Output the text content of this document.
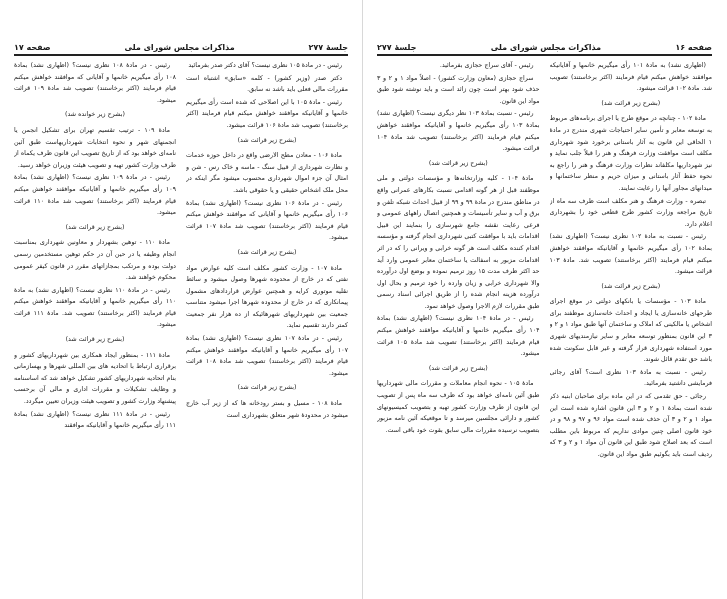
جلسهٔ ۲۷۷
مذاکرات مجلس شورای ملی
صفحه ۱۷

رئیس - در مادهٔ ۱۰۵ نظری نیست؟ آقای دکتر صدر بفرمائید

دکتر صدر (وزیر کشور) - کلمه «سابق» اشتباه است مقررات مالی فعلی باید باشد نه سابق.

رئیس - مادهٔ ۱۰۵ با این اصلاحی که شده است رأی میگیریم خانمها و آقایانیکه موافقند خواهش میکنم قیام فرمایند (اکثر برخاستند) تصویب شد مادهٔ ۱۰۶ قرائت میشود.

(بشرح زیر قرائت شد)

مادهٔ ۱۰۶ - معادن مطح الارضی واقع در داخل حوزه خدمات و نظارت شهرداری از قبیل سنگ - ماسه و خاک رس - شن و امثال آن جزء اموال شهرداری محسوب میشود مگر اینکه در محل ملک اشخاص حقیقی و یا حقوقی باشد.

رئیس - در مادهٔ ۱۰۶ نظری نیست؟ (اظهاری نشد) بمادهٔ ۱۰۶ رأی میگیریم خانمها و آقایانی که موافقند خواهش میکنم قیام فرمایند (اکثر برخاستند) تصویب شد مادهٔ ۱۰۷ قرائت میشود.

(بشرح زیر قرائت شد)

مادهٔ ۱۰۷ - وزارت کشور مکلف است کلیه عوارض مواد نفتی که در خارج از محدوده شهرها وصول میشود و سائط نقلیه موتوری کرایه و همچنین عوارض قراردادهای مشمول پیمانکاری که در خارج از محدوده شهرها اجرا میشود متناسب جمعیت بین شهرداریهای شهرهائیکه از ده هزار نفر جمعیت کمتر دارند تقسیم نماید.

رئیس - در مادهٔ ۱۰۷ نظری نیست؟ (اظهاری نشد) بمادهٔ ۱۰۷ رأی میگیریم خانمها و آقایانیکه موافقند خواهش میکنم قیام فرمایند (اکثر برخاستند) تصویب شد مادهٔ ۱۰۸ قرائت میشود.

(بشرح زیر قرائت شد)

مادهٔ ۱۰۸ - مسیل و بستر رودخانه ها که از زیر آب خارج میشود در محدودهٔ شهر متعلق بشهرداری است

رئیس - در مادهٔ ۱۰۸ نظری نیست؟ (اظهاری نشد) بمادهٔ ۱۰۸ رأی میگیریم خانمها و آقایانی که موافقند خواهش میکنم قیام فرمایند (اکثر برخاستند) تصویب شد مادهٔ ۱۰۹ قرائت میشود.

(بشرح زیر خوانده شد)

مادهٔ ۱۰۹ - ترتیب تقسیم تهران برای تشکیل انجمن یا انجمنهای شهر و نحوه انتخابات شهرداریهاست طبق آئین نامه‌ای خواهد بود که از تاریخ تصویب این قانون ظرف یکماه از طرف وزارت کشور تهیه و تصویب هیئت وزیران خواهد رسید.

رئیس - در مادهٔ ۱۰۹ نظری نیست؟ (اظهاری نشد) بمادهٔ ۱۰۹ رأی میگیریم خانمها و آقایانیکه موافقند خواهش میکنم قیام فرمایند (اکثر برخاستند) تصویب شد مادهٔ ۱۱۰ قرائت میشود.

(بشرح زیر قرائت شد)

مادهٔ ۱۱۰ - توهین بشهردار و معاونین شهرداری بمناسبت انجام وظیفه یا در حین آن در حکم توهین مستخدمین رسمی دولت بوده و مرتکب بمجازاتهای مقرر در قانون کیفر عمومی محکوم خواهند شد.

رئیس - در مادهٔ ۱۱۰ نظری نیست؟ (اظهاری نشد) به مادهٔ ۱۱۰ رأی میگیریم خانمها و آقایانیکه موافقند خواهش میکنم قیام فرمایند (اکثر برخاستند) تصویب شد. مادهٔ ۱۱۱ قرائت میشود.

(بشرح زیر قرائت شد)

مادهٔ ۱۱۱ - بمنظور ایجاد همکاری بین شهرداریهای کشور و برقراری ارتباط با اتحادیه های بین المللی شهرها و بهسازمانی بنام اتحادیه شهرداریهای کشور تشکیل خواهد شد که اساسنامه و وظایف تشکیلات و مقررات اداری و مالی آن برحسب پیشنهاد وزارت کشور و تصویب هیئت وزیران تعیین میگردد.

رئیس - در مادهٔ ۱۱۱ نظری نیست؟ (اظهاری نشد) بمادهٔ ۱۱۱ رأی میگیریم خانمها و آقایانیکه موافقند

صفحه ۱۶
مذاکرات مجلس شورای ملی
جلسهٔ ۲۷۷

(اظهاری نشد) به مادهٔ ۱۰۱ رأی میگیریم خانمها و آقایانیکه موافقند خواهش میکنم قیام فرمایند (اکثر برخاستند) تصویب شد. مادهٔ ۱۰۲ قرائت میشود.

(بشرح زیر قرائت شد)

مادهٔ ۱۰۲ - چنانچه در موقع طرح یا اجرای برنامه‌های مربوط به توسعه معابر و تأمین سایر احتیاجات شهری مندرج در مادهٔ ۱ الحاقی این قانون به آثار باستانی برخورد شود شهرداری مکلف است موافقت وزارت فرهنگ و هنر را قبلاً جلب نماید و نیز شهرداریها مکلفاند نظرات وزارت فرهنگ و هنر را راجع به نحوه حفظ آثار باستانی و میزان حریم و منظر ساختمانها و میدانهای مجاور آنها را رعایت نمایند.

تبصره - وزارت فرهنگ و هنر مکلف است ظرف سه ماه از تاریخ مراجعه وزارت کشور طرح قطعی خود را بشهرداری اعلام دارد.

رئیس - نسبت به مادهٔ ۱۰۲ نظری نیست؟ (اظهاری نشد) بمادهٔ ۱۰۲ رأی میگیریم خانمها و آقایانیکه موافقند خواهش میکنم قیام فرمایند (اکثر برخاستند) تصویب شد. مادهٔ ۱۰۳ قرائت میشود.

(بشرح زیر قرائت شد)

مادهٔ ۱۰۳ - مؤسسات یا بانکهای دولتی در موقع اجرای طرحهای خانه‌سازی یا ایجاد و احداث خانه‌سازی موظفند برای اشخاص یا مالکینی که املاک و ساختمان آنها طبق مواد ۱ و ۲ و ۳ این قانون بمنظور توسعه معابر و سایر نیازمندیهای شهری مورد استفاده شهرداری قرار گرفته و غیر قابل سکونت شده باشد حق تقدم قائل شوند.

رئیس - نسبت به مادهٔ ۱۰۳ نظری است؟ آقای رجائی فرمایشی داشتید بفرمائید.

رجائی - حق تقدمی که در این ماده برای صاحبان ابنیه ذکر شده است بمادهٔ ۱ و ۲ و ۳ این قانون اشاره شده است این مواد ۱ و ۲ و ۳ آن حذف شده است مواد ۹۶ و ۹۷ و ۹۸ و در خود قانون اصلی چنین موادی نداریم که مربوط باین مطلب است که بعد اصلاح شود طبق این قانون آن مواد ۱ و ۲ و ۳ که ردیف است باید بگوئیم طبق مواد این قانون.

رئیس - آقای سراج حجازی بفرمائید.

سراج حجازی (معاون وزارت کشور) - اصلاً مواد ۱ و ۲ و ۳ حذف شود بهتر است چون زائد است و باید نوشته شود طبق مواد این قانون.

رئیس - نسبت بمادهٔ ۱۰۳ نظر دیگری نیست؟ (اظهاری نشد) بمادهٔ ۱۰۳ رأی میگیریم خانمها و آقایانیکه موافقند خواهش میکنم قیام فرمایند (اکثر برخاستند) تصویب شد مادهٔ ۱۰۴ قرائت میشود.

(بشرح زیر قرائت شد)

مادهٔ ۱۰۴ - کلیه وزارتخانه‌ها و مؤسسات دولتی و ملی موظفند قبل از هر گونه اقدامی نسبت بکارهای عمرانی واقع در مناطق مندرج در مادهٔ ۹۹ و ۹۹ از قبیل احداث شبکه تلفن و برق و آب و سایر تأسیسات و همچنین اتصال راههای عمومی و فرعی رعایت نقشه جامع شهرسازی را بنمایند این قبیل اقدامات باید با موافقت کتبی شهرداری انجام گرفته و مؤسسه اقدام کننده مکلف است هر گونه خرابی و ویرانی را که در اثر اقدامات مزبور به اسفالت یا ساختمان معابر عمومی وارد آید حد اکثر ظرف مدت ۱۵ روز ترمیم نموده و بوضع اول درآورده والا شهرداری خرابی و زیان وارده را خود ترمیم و بحال اول درآورده هزینه انجام شده را از طریق اجرائی اسناد رسمی طبق مقررات لازم الاجرا وصول خواهد نمود.

رئیس - در مادهٔ ۱۰۴ نظری نیست؟ (اظهاری نشد) بمادهٔ ۱۰۴ رأی میگیریم خانمها و آقایانیکه موافقند خواهش میکنم قیام فرمایند (اکثر برخاستند) تصویب شد مادهٔ ۱۰۵ قرائت میشود.

(بشرح زیر قرائت شد)

مادهٔ ۱۰۵ - نحوه انجام معاملات و مقررات مالی شهرداریها طبق آئین نامه‌ای خواهد بود که ظرف سه ماه پس از تصویب این قانون از طرف وزارت کشور تهیه و بتصویب کمیسیونهای کشور و دارائی مجلسین میرسد و تا موقعیکه آئین نامه مزبور بتصویب نرسیده مقررات مالی سابق بقوت خود باقی است.
